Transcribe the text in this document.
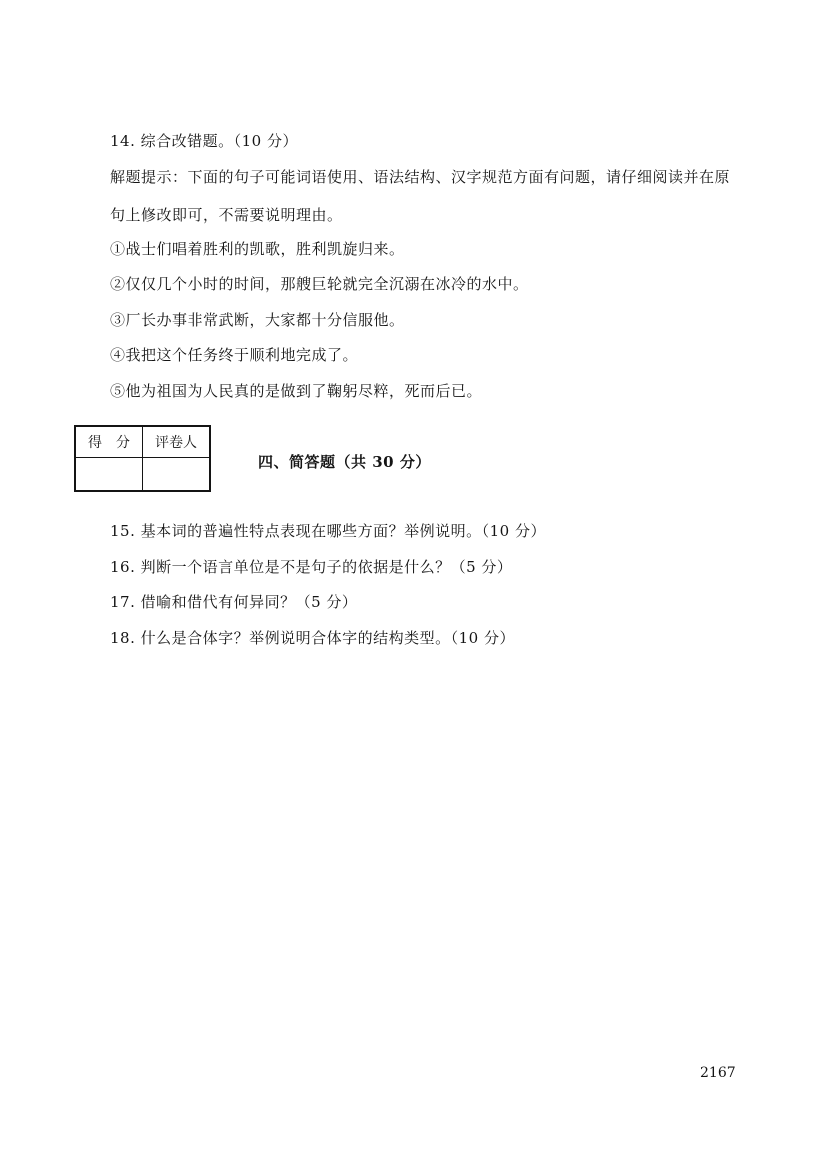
14. 综合改错题。（10 分）
解题提示：下面的句子可能词语使用、语法结构、汉字规范方面有问题，请仔细阅读并在原
句上修改即可，不需要说明理由。
①战士们唱着胜利的凯歌，胜利凯旋归来。
②仅仅几个小时的时间，那艘巨轮就完全沉溺在冰冷的水中。
③厂长办事非常武断，大家都十分信服他。
④我把这个任务终于顺利地完成了。
⑤他为祖国为人民真的是做到了鞠躬尽粹，死而后已。
得　分	评卷人

四、简答题（共 30 分）
15. 基本词的普遍性特点表现在哪些方面？举例说明。（10 分）
16. 判断一个语言单位是不是句子的依据是什么？（5 分）
17. 借喻和借代有何异同？（5 分）
18. 什么是合体字？举例说明合体字的结构类型。（10 分）
2167
